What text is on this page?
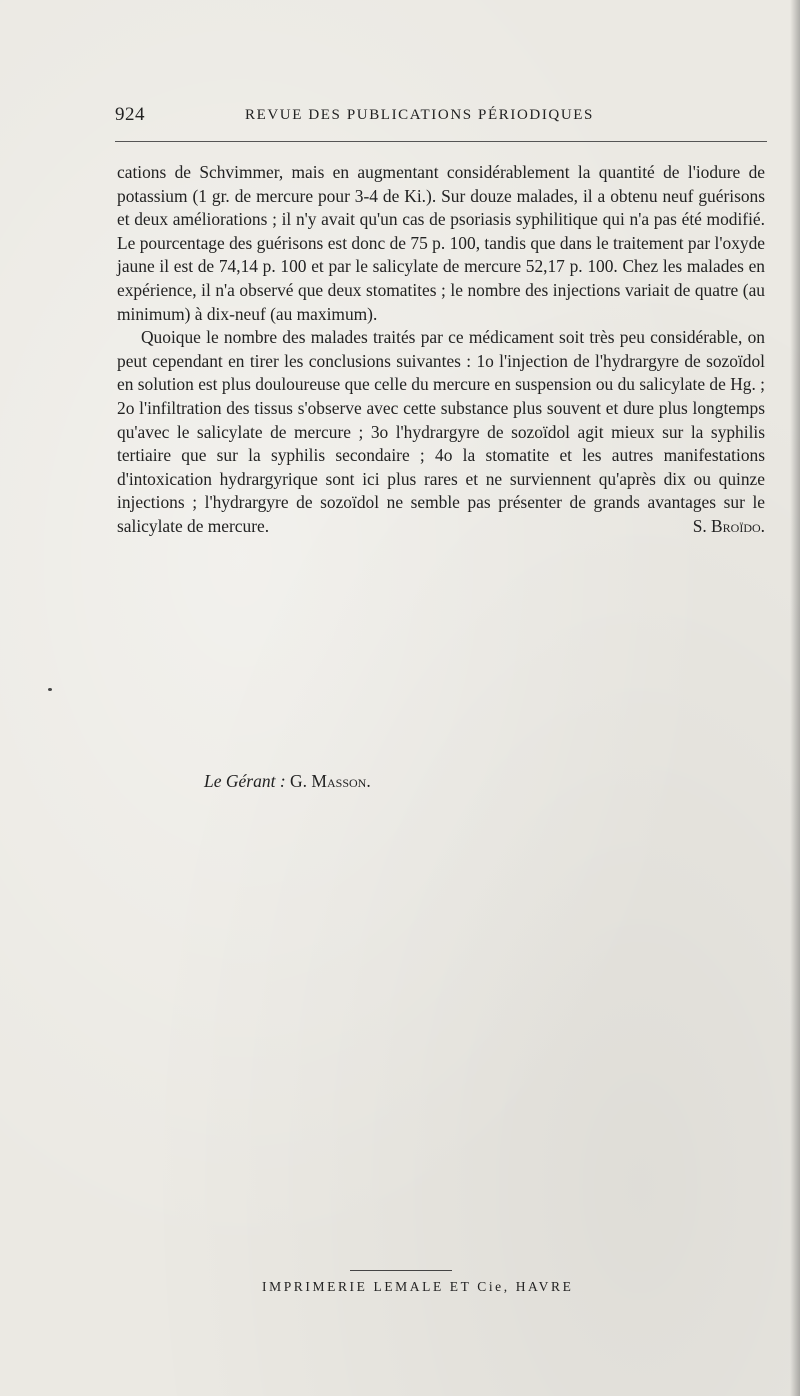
924	REVUE DES PUBLICATIONS PÉRIODIQUES

cations de Schvimmer, mais en augmentant considérablement la quantité de l'iodure de potassium (1 gr. de mercure pour 3-4 de Ki.). Sur douze malades, il a obtenu neuf guérisons et deux améliorations ; il n'y avait qu'un cas de psoriasis syphilitique qui n'a pas été modifié. Le pourcentage des guérisons est donc de 75 p. 100, tandis que dans le traitement par l'oxyde jaune il est de 74,14 p. 100 et par le salicylate de mercure 52,17 p. 100. Chez les malades en expérience, il n'a observé que deux stomatites ; le nombre des injections variait de quatre (au minimum) à dix-neuf (au maximum).

Quoique le nombre des malades traités par ce médicament soit très peu considérable, on peut cependant en tirer les conclusions suivantes : 1o l'injection de l'hydrargyre de sozoïdol en solution est plus douloureuse que celle du mercure en suspension ou du salicylate de Hg. ; 2o l'infiltration des tissus s'observe avec cette substance plus souvent et dure plus longtemps qu'avec le salicylate de mercure ; 3o l'hydrargyre de sozoïdol agit mieux sur la syphilis tertiaire que sur la syphilis secondaire ; 4o la stomatite et les autres manifestations d'intoxication hydrargyrique sont ici plus rares et ne surviennent qu'après dix ou quinze injections ; l'hydrargyre de sozoïdol ne semble pas présenter de grands avantages sur le salicylate de mercure.	S. Broïdo.

Le Gérant : G. Masson.
IMPRIMERIE LEMALE ET Cie, HAVRE
